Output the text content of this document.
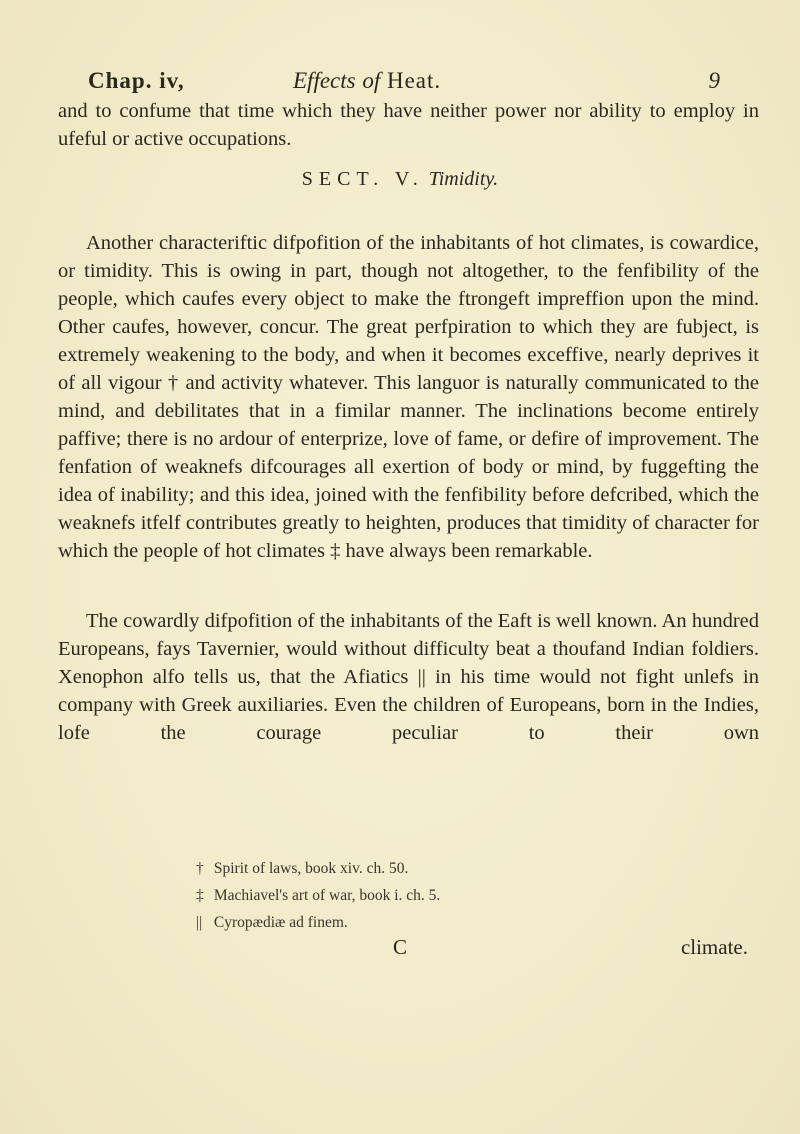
Chap. iv,	Effects of Heat.	9

and to confume that time which they have neither power nor ability to employ in ufeful or active occupations.

SECT. V. Timidity.

Another characteriftic difpofition of the inhabitants of hot climates, is cowardice, or timidity. This is owing in part, though not altogether, to the fenfibility of the people, which caufes every object to make the ftrongeft impreffion upon the mind. Other caufes, however, concur. The great perfpiration to which they are fubject, is extremely weakening to the body, and when it becomes exceffive, nearly deprives it of all vigour † and activity whatever. This languor is naturally communicated to the mind, and debilitates that in a fimilar manner. The inclinations become entirely paffive; there is no ardour of enterprize, love of fame, or defire of improvement. The fenfation of weaknefs difcourages all exertion of body or mind, by fuggefting the idea of inability; and this idea, joined with the fenfibility before defcribed, which the weaknefs itfelf contributes greatly to heighten, produces that timidity of character for which the people of hot climates ‡ have always been remarkable.

The cowardly difpofition of the inhabitants of the Eaft is well known. An hundred Europeans, fays Tavernier, would without difficulty beat a thoufand Indian foldiers. Xenophon alfo tells us, that the Afiatics || in his time would not fight unlefs in company with Greek auxiliaries. Even the children of Europeans, born in the Indies, lofe the courage peculiar to their own

† Spirit of laws, book xiv. ch. 50.
‡ Machiavel's art of war, book i. ch. 5.
|| Cyropædiæ ad finem.
C	climate.
